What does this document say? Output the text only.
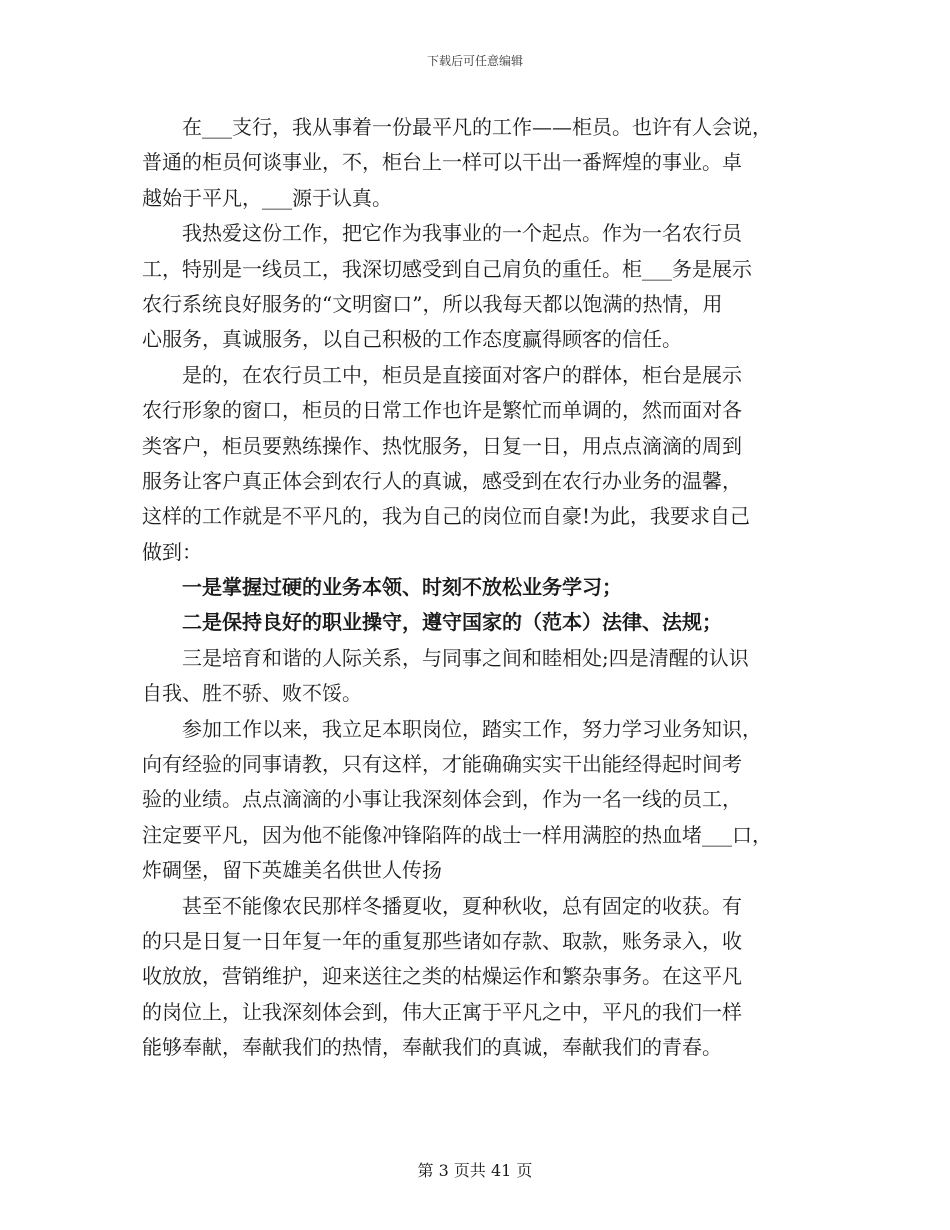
下载后可任意编辑
　　在___支行，我从事着一份最平凡的工作——柜员。也许有人会说，
普通的柜员何谈事业，不，柜台上一样可以干出一番辉煌的事业。卓
越始于平凡，___源于认真。
　　我热爱这份工作，把它作为我事业的一个起点。作为一名农行员
工，特别是一线员工，我深切感受到自己肩负的重任。柜___务是展示
农行系统良好服务的“文明窗口”，所以我每天都以饱满的热情，用
心服务，真诚服务，以自己积极的工作态度赢得顾客的信任。
　　是的，在农行员工中，柜员是直接面对客户的群体，柜台是展示
农行形象的窗口，柜员的日常工作也许是繁忙而单调的，然而面对各
类客户，柜员要熟练操作、热忱服务，日复一日，用点点滴滴的周到
服务让客户真正体会到农行人的真诚，感受到在农行办业务的温馨，
这样的工作就是不平凡的，我为自己的岗位而自豪!为此，我要求自己
做到：
　　一是掌握过硬的业务本领、时刻不放松业务学习；
　　二是保持良好的职业操守，遵守国家的（范本）法律、法规；
　　三是培育和谐的人际关系，与同事之间和睦相处;四是清醒的认识
自我、胜不骄、败不馁。
　　参加工作以来，我立足本职岗位，踏实工作，努力学习业务知识，
向有经验的同事请教，只有这样，才能确确实实干出能经得起时间考
验的业绩。点点滴滴的小事让我深刻体会到，作为一名一线的员工，
注定要平凡，因为他不能像冲锋陷阵的战士一样用满腔的热血堵___口，
炸碉堡，留下英雄美名供世人传扬
　　甚至不能像农民那样冬播夏收，夏种秋收，总有固定的收获。有
的只是日复一日年复一年的重复那些诸如存款、取款，账务录入，收
收放放，营销维护，迎来送往之类的枯燥运作和繁杂事务。在这平凡
的岗位上，让我深刻体会到，伟大正寓于平凡之中，平凡的我们一样
能够奉献，奉献我们的热情，奉献我们的真诚，奉献我们的青春。
第 3 页共 41 页
